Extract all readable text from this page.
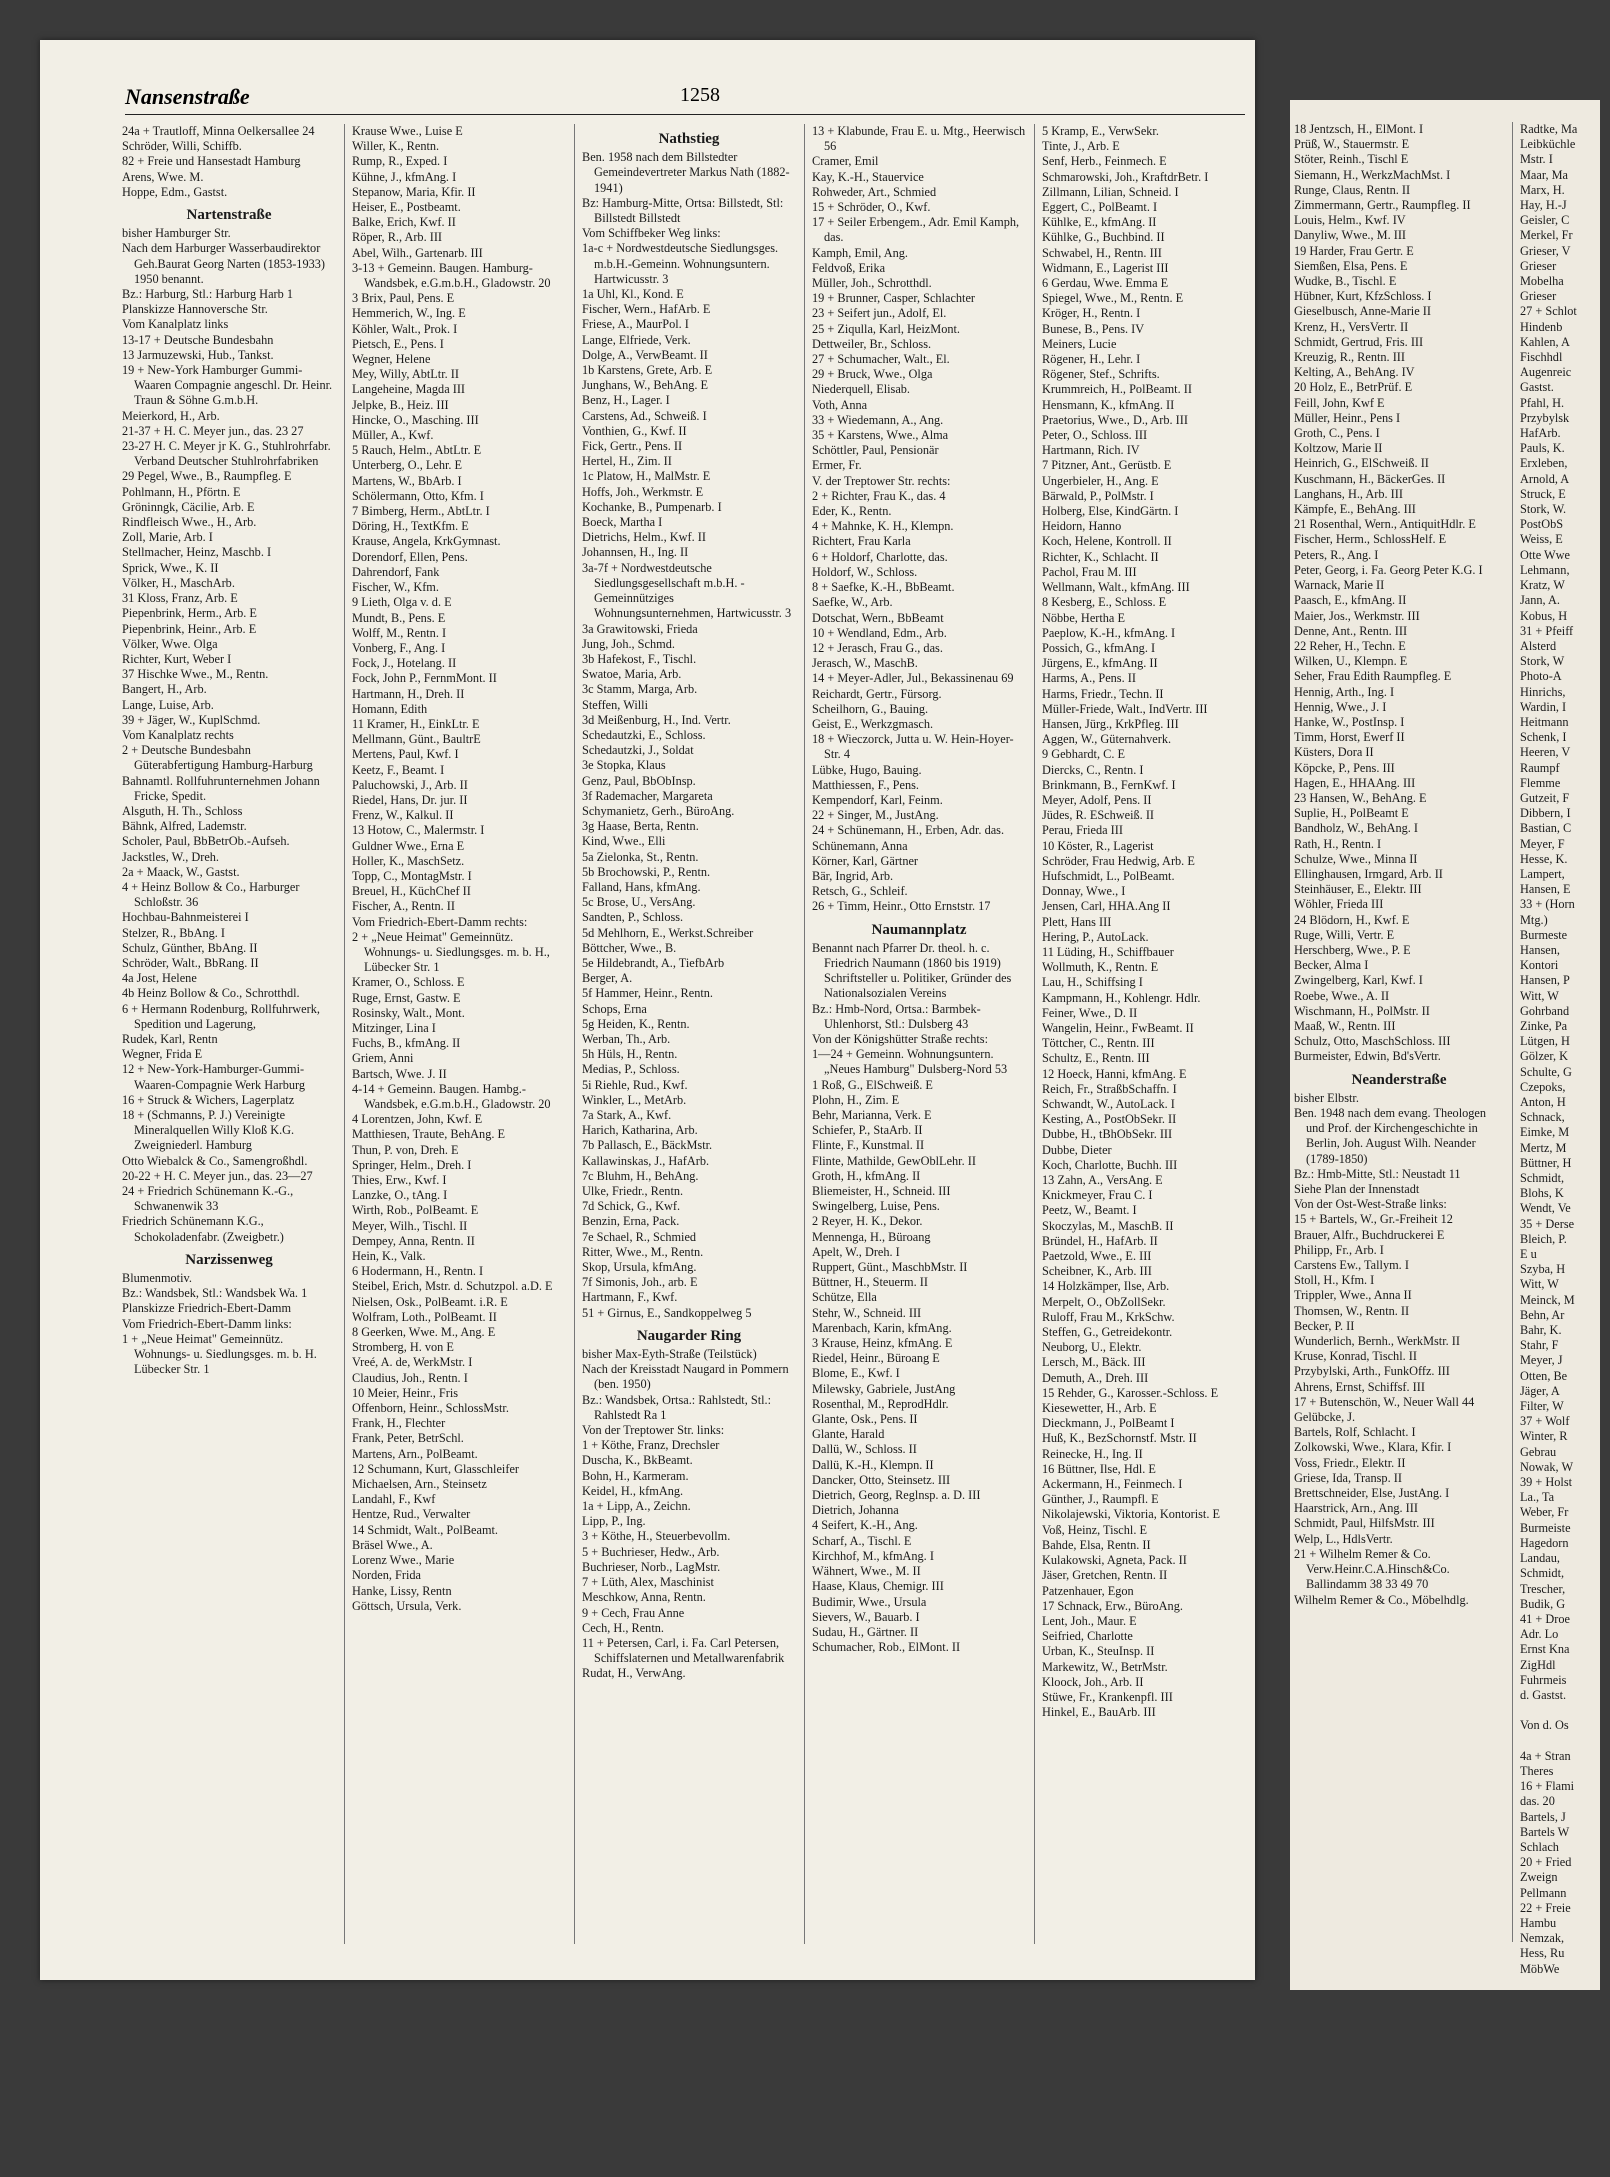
Nansenstraße	1258

24a + Trautloff, Minna Oelkersallee 24

Schröder, Willi, Schiffb.

82 + Freie und Hansestadt Hamburg

Arens, Wwe. M.

Hoppe, Edm., Gastst.

Nartenstraße

bisher Hamburger Str.

Nach dem Harburger Wasserbaudirektor Geh.Baurat Georg Narten (1853-1933) 1950 benannt.

Bz.: Harburg, Stl.: Harburg Harb 1

Planskizze Hannoversche Str.

Vom Kanalplatz links

13-17 + Deutsche Bundesbahn

13 Jarmuzewski, Hub., Tankst.

19 + New-York Hamburger Gummi-Waaren Compagnie angeschl. Dr. Heinr. Traun & Söhne G.m.b.H.

Meierkord, H., Arb.

21-37 + H. C. Meyer jun., das. 23 27

23-27 H. C. Meyer jr K. G., Stuhlrohrfabr. Verband Deutscher Stuhlrohrfabriken

29 Pegel, Wwe., B., Raumpfleg. E

Pohlmann, H., Pförtn. E

Gröninngk, Cäcilie, Arb. E

Rindfleisch Wwe., H., Arb.

Zoll, Marie, Arb. I

Stellmacher, Heinz, Maschb. I

Sprick, Wwe., K. II

Völker, H., MaschArb.

31 Kloss, Franz, Arb. E

Piepenbrink, Herm., Arb. E

Piepenbrink, Heinr., Arb. E

Völker, Wwe. Olga

Richter, Kurt, Weber I

37 Hischke Wwe., M., Rentn.

Bangert, H., Arb.

Lange, Luise, Arb.

39 + Jäger, W., KuplSchmd.

Vom Kanalplatz rechts

2 + Deutsche Bundesbahn Güterabfertigung Hamburg-Harburg

Bahnamtl. Rollfuhrunternehmen Johann Fricke, Spedit.

Alsguth, H. Th., Schloss

Bähnk, Alfred, Lademstr.

Scholer, Paul, BbBetrOb.-Aufseh.

Jackstles, W., Dreh.

2a + Maack, W., Gastst.

4 + Heinz Bollow & Co., Harburger Schloßstr. 36

Hochbau-Bahnmeisterei I

Stelzer, R., BbAng. I

Schulz, Günther, BbAng. II

Schröder, Walt., BbRang. II

4a Jost, Helene

4b Heinz Bollow & Co., Schrotthdl.

6 + Hermann Rodenburg, Rollfuhrwerk, Spedition und Lagerung,

Rudek, Karl, Rentn

Wegner, Frida E

12 + New-York-Hamburger-Gummi-Waaren-Compagnie Werk Harburg

16 + Struck & Wichers, Lagerplatz

18 + (Schmanns, P. J.) Vereinigte Mineralquellen Willy Kloß K.G. Zweigniederl. Hamburg

Otto Wiebalck & Co., Samengroßhdl.

20-22 + H. C. Meyer jun., das. 23—27

24 + Friedrich Schünemann K.-G., Schwanenwik 33

Friedrich Schünemann K.G., Schokoladenfabr. (Zweigbetr.)

Narzissenweg

Blumenmotiv.

Bz.: Wandsbek, Stl.: Wandsbek Wa. 1

Planskizze Friedrich-Ebert-Damm

Vom Friedrich-Ebert-Damm links:

1 + „Neue Heimat" Gemeinnütz. Wohnungs- u. Siedlungsges. m. b. H. Lübecker Str. 1

Krause Wwe., Luise E

Willer, K., Rentn.

Rump, R., Exped. I

Kühne, J., kfmAng. I

Stepanow, Maria, Kfir. II

Heiser, E., Postbeamt.

Balke, Erich, Kwf. II

Röper, R., Arb. III

Abel, Wilh., Gartenarb. III

3-13 + Gemeinn. Baugen. Hamburg-Wandsbek, e.G.m.b.H., Gladowstr. 20

3 Brix, Paul, Pens. E

Hemmerich, W., Ing. E

Köhler, Walt., Prok. I

Pietsch, E., Pens. I

Wegner, Helene

Mey, Willy, AbtLtr. II

Langeheine, Magda III

Jelpke, B., Heiz. III

Hincke, O., Masching. III

Müller, A., Kwf.

5 Rauch, Helm., AbtLtr. E

Unterberg, O., Lehr. E

Martens, W., BbArb. I

Schölermann, Otto, Kfm. I

7 Bimberg, Herm., AbtLtr. I

Döring, H., TextKfm. E

Krause, Angela, KrkGymnast.

Dorendorf, Ellen, Pens.

Dahrendorf, Fank

Fischer, W., Kfm.

9 Lieth, Olga v. d. E

Mundt, B., Pens. E

Wolff, M., Rentn. I

Vonberg, F., Ang. I

Fock, J., Hotelang. II

Fock, John P., FernmMont. II

Hartmann, H., Dreh. II

Homann, Edith

11 Kramer, H., EinkLtr. E

Mellmann, Günt., BaultrE

Mertens, Paul, Kwf. I

Keetz, F., Beamt. I

Paluchowski, J., Arb. II

Riedel, Hans, Dr. jur. II

Frenz, W., Kalkul. II

13 Hotow, C., Malermstr. I

Guldner Wwe., Erna E

Holler, K., MaschSetz.

Topp, C., MontagMstr. I

Breuel, H., KüchChef II

Fischer, A., Rentn. II

Vom Friedrich-Ebert-Damm rechts:

2 + „Neue Heimat" Gemeinnütz. Wohnungs- u. Siedlungsges. m. b. H., Lübecker Str. 1

Kramer, O., Schloss. E

Ruge, Ernst, Gastw. E

Rosinsky, Walt., Mont.

Mitzinger, Lina I

Fuchs, B., kfmAng. II

Griem, Anni

Bartsch, Wwe. J. II

4-14 + Gemeinn. Baugen. Hambg.-Wandsbek, e.G.m.b.H., Gladowstr. 20

4 Lorentzen, John, Kwf. E

Matthiesen, Traute, BehAng. E

Thun, P. von, Dreh. E

Springer, Helm., Dreh. I

Thies, Erw., Kwf. I

Lanzke, O., tAng. I

Wirth, Rob., PolBeamt. E

Meyer, Wilh., Tischl. II

Dempey, Anna, Rentn. II

Hein, K., Valk.

6 Hodermann, H., Rentn. I

Steibel, Erich, Mstr. d. Schutzpol. a.D. E

Nielsen, Osk., PolBeamt. i.R. E

Wolfram, Loth., PolBeamt. II

8 Geerken, Wwe. M., Ang. E

Stromberg, H. von E

Vreé, A. de, WerkMstr. I

Claudius, Joh., Rentn. I

10 Meier, Heinr., Fris

Offenborn, Heinr., SchlossMstr.

Frank, H., Flechter

Frank, Peter, BetrSchl.

Martens, Arn., PolBeamt.

12 Schumann, Kurt, Glasschleifer

Michaelsen, Arn., Steinsetz

Landahl, F., Kwf

Hentze, Rud., Verwalter

14 Schmidt, Walt., PolBeamt.

Bräsel Wwe., A.

Lorenz Wwe., Marie

Norden, Frida

Hanke, Lissy, Rentn

Göttsch, Ursula, Verk.

Nathstieg

Ben. 1958 nach dem Billstedter Gemeindevertreter Markus Nath (1882-1941)

Bz: Hamburg-Mitte, Ortsa: Billstedt, Stl: Billstedt Billstedt

Vom Schiffbeker Weg links:

1a-c + Nordwestdeutsche Siedlungsges. m.b.H.-Gemeinn. Wohnungsuntern. Hartwicusstr. 3

1a Uhl, Kl., Kond. E

Fischer, Wern., HafArb. E

Friese, A., MaurPol. I

Lange, Elfriede, Verk.

Dolge, A., VerwBeamt. II

1b Karstens, Grete, Arb. E

Junghans, W., BehAng. E

Benz, H., Lager. I

Carstens, Ad., Schweiß. I

Vonthien, G., Kwf. II

Fick, Gertr., Pens. II

Hertel, H., Zim. II

1c Platow, H., MalMstr. E

Hoffs, Joh., Werkmstr. E

Kochanke, B., Pumpenarb. I

Boeck, Martha I

Dietrichs, Helm., Kwf. II

Johannsen, H., Ing. II

3a-7f + Nordwestdeutsche Siedlungsgesellschaft m.b.H. - Gemeinnütziges Wohnungsunternehmen, Hartwicusstr. 3

3a Grawitowski, Frieda

Jung, Joh., Schmd.

3b Hafekost, F., Tischl.

Swatoe, Maria, Arb.

3c Stamm, Marga, Arb.

Steffen, Willi

3d Meißenburg, H., Ind. Vertr.

Schedautzki, E., Schloss.

Schedautzki, J., Soldat

3e Stopka, Klaus

Genz, Paul, BbObInsp.

3f Rademacher, Margareta

Schymanietz, Gerh., BüroAng.

3g Haase, Berta, Rentn.

Kind, Wwe., Elli

5a Zielonka, St., Rentn.

5b Brochowski, P., Rentn.

Falland, Hans, kfmAng.

5c Brose, U., VersAng.

Sandten, P., Schloss.

5d Mehlhorn, E., Werkst.Schreiber

Böttcher, Wwe., B.

5e Hildebrandt, A., TiefbArb

Berger, A.

5f Hammer, Heinr., Rentn.

Schops, Erna

5g Heiden, K., Rentn.

Werban, Th., Arb.

5h Hüls, H., Rentn.

Medias, P., Schloss.

5i Riehle, Rud., Kwf.

Winkler, L., MetArb.

7a Stark, A., Kwf.

Harich, Katharina, Arb.

7b Pallasch, E., BäckMstr.

Kallawinskas, J., HafArb.

7c Bluhm, H., BehAng.

Ulke, Friedr., Rentn.

7d Schick, G., Kwf.

Benzin, Erna, Pack.

7e Schael, R., Schmied

Ritter, Wwe., M., Rentn.

Skop, Ursula, kfmAng.

7f Simonis, Joh., arb. E

Hartmann, F., Kwf.

51 + Girnus, E., Sandkoppelweg 5

Naugarder Ring

bisher Max-Eyth-Straße (Teilstück)

Nach der Kreisstadt Naugard in Pommern (ben. 1950)

Bz.: Wandsbek, Ortsa.: Rahlstedt, Stl.: Rahlstedt Ra 1

Von der Treptower Str. links:

1 + Köthe, Franz, Drechsler

Duscha, K., BkBeamt.

Bohn, H., Karmeram.

Keidel, H., kfmAng.

1a + Lipp, A., Zeichn.

Lipp, P., Ing.

3 + Köthe, H., Steuerbevollm.

5 + Buchrieser, Hedw., Arb.

Buchrieser, Norb., LagMstr.

7 + Lüth, Alex, Maschinist

Meschkow, Anna, Rentn.

9 + Cech, Frau Anne

Cech, H., Rentn.

11 + Petersen, Carl, i. Fa. Carl Petersen, Schiffslaternen und Metallwarenfabrik

Rudat, H., VerwAng.

13 + Klabunde, Frau E. u. Mtg., Heerwisch 56

Cramer, Emil

Kay, K.-H., Stauervice

Rohweder, Art., Schmied

15 + Schröder, O., Kwf.

17 + Seiler Erbengem., Adr. Emil Kamph, das.

Kamph, Emil, Ang.

Feldvoß, Erika

Müller, Joh., Schrotthdl.

19 + Brunner, Casper, Schlachter

23 + Seifert jun., Adolf, El.

25 + Ziqulla, Karl, HeizMont.

Dettweiler, Br., Schloss.

27 + Schumacher, Walt., El.

29 + Bruck, Wwe., Olga

Niederquell, Elisab.

Voth, Anna

33 + Wiedemann, A., Ang.

35 + Karstens, Wwe., Alma

Schöttler, Paul, Pensionär

Ermer, Fr.

V. der Treptower Str. rechts:

2 + Richter, Frau K., das. 4

Eder, K., Rentn.

4 + Mahnke, K. H., Klempn.

Richtert, Frau Karla

6 + Holdorf, Charlotte, das.

Holdorf, W., Schloss.

8 + Saefke, K.-H., BbBeamt.

Saefke, W., Arb.

Dotschat, Wern., BbBeamt

10 + Wendland, Edm., Arb.

12 + Jerasch, Frau G., das.

Jerasch, W., MaschB.

14 + Meyer-Adler, Jul., Bekassinenau 69

Reichardt, Gertr., Fürsorg.

Scheilhorn, G., Bauing.

Geist, E., Werkzgmasch.

18 + Wieczorck, Jutta u. W. Hein-Hoyer-Str. 4

Lübke, Hugo, Bauing.

Matthiessen, F., Pens.

Kempendorf, Karl, Feinm.

22 + Singer, M., JustAng.

24 + Schünemann, H., Erben, Adr. das.

Schünemann, Anna

Körner, Karl, Gärtner

Bär, Ingrid, Arb.

Retsch, G., Schleif.

26 + Timm, Heinr., Otto Ernststr. 17

Naumannplatz

Benannt nach Pfarrer Dr. theol. h. c. Friedrich Naumann (1860 bis 1919) Schriftsteller u. Politiker, Gründer des Nationalsozialen Vereins

Bz.: Hmb-Nord, Ortsa.: Barmbek-Uhlenhorst, Stl.: Dulsberg 43

Von der Königshütter Straße rechts:

1—24 + Gemeinn. Wohnungsuntern. „Neues Hamburg" Dulsberg-Nord 53

1 Roß, G., ElSchweiß. E

Plohn, H., Zim. E

Behr, Marianna, Verk. E

Schiefer, P., StaArb. II

Flinte, F., Kunstmal. II

Flinte, Mathilde, GewOblLehr. II

Groth, H., kfmAng. II

Bliemeister, H., Schneid. III

Swingelberg, Luise, Pens.

2 Reyer, H. K., Dekor.

Mennenga, H., Büroang

Apelt, W., Dreh. I

Ruppert, Günt., MaschbMstr. II

Büttner, H., Steuerm. II

Schütze, Ella

Stehr, W., Schneid. III

Marenbach, Karin, kfmAng.

3 Krause, Heinz, kfmAng. E

Riedel, Heinr., Büroang E

Blome, E., Kwf. I

Milewsky, Gabriele, JustAng

Rosenthal, M., ReprodHdlr.

Glante, Osk., Pens. II

Glante, Harald

Dallü, W., Schloss. II

Dallü, K.-H., Klempn. II

Dancker, Otto, Steinsetz. III

Dietrich, Georg, Reglnsp. a. D. III

Dietrich, Johanna

4 Seifert, K.-H., Ang.

Scharf, A., Tischl. E

Kirchhof, M., kfmAng. I

Wähnert, Wwe., M. II

Haase, Klaus, Chemigr. III

Budimir, Wwe., Ursula

Sievers, W., Bauarb. I

Sudau, H., Gärtner. II

Schumacher, Rob., ElMont. II

5 Kramp, E., VerwSekr.

Tinte, J., Arb. E

Senf, Herb., Feinmech. E

Schmarowski, Joh., KraftdrBetr. I

Zillmann, Lilian, Schneid. I

Eggert, C., PolBeamt. I

Kühlke, E., kfmAng. II

Kühlke, G., Buchbind. II

Schwabel, H., Rentn. III

Widmann, E., Lagerist III

6 Gerdau, Wwe. Emma E

Spiegel, Wwe., M., Rentn. E

Kröger, H., Rentn. I

Bunese, B., Pens. IV

Meiners, Lucie

Rögener, H., Lehr. I

Rögener, Stef., Schrifts.

Krummreich, H., PolBeamt. II

Hensmann, K., kfmAng. II

Praetorius, Wwe., D., Arb. III

Peter, O., Schloss. III

Hartmann, Rich. IV

7 Pitzner, Ant., Gerüstb. E

Ungerbieler, H., Ang. E

Bärwald, P., PolMstr. I

Holberg, Else, KindGärtn. I

Heidorn, Hanno

Koch, Helene, Kontroll. II

Richter, K., Schlacht. II

Pachol, Frau M. III

Wellmann, Walt., kfmAng. III

8 Kesberg, E., Schloss. E

Nöbbe, Hertha E

Paeplow, K.-H., kfmAng. I

Possich, G., kfmAng. I

Jürgens, E., kfmAng. II

Harms, A., Pens. II

Harms, Friedr., Techn. II

Müller-Friede, Walt., IndVertr. III

Hansen, Jürg., KrkPfleg. III

Aggen, W., Güternahverk.

9 Gebhardt, C. E

Diercks, C., Rentn. I

Brinkmann, B., FernKwf. I

Meyer, Adolf, Pens. II

Jüdes, R. ESchweiß. II

Perau, Frieda III

10 Köster, R., Lagerist

Schröder, Frau Hedwig, Arb. E

Hufschmidt, L., PolBeamt.

Donnay, Wwe., I

Jensen, Carl, HHA.Ang II

Plett, Hans III

Hering, P., AutoLack.

11 Lüding, H., Schiffbauer

Wollmuth, K., Rentn. E

Lau, H., Schiffsing I

Kampmann, H., Kohlengr. Hdlr.

Feiner, Wwe., D. II

Wangelin, Heinr., FwBeamt. II

Töttcher, C., Rentn. III

Schultz, E., Rentn. III

12 Hoeck, Hanni, kfmAng. E

Reich, Fr., StraßbSchaffn. I

Schwandt, W., AutoLack. I

Kesting, A., PostObSekr. II

Dubbe, H., tBhObSekr. III

Dubbe, Dieter

Koch, Charlotte, Buchh. III

13 Zahn, A., VersAng. E

Knickmeyer, Frau C. I

Peetz, W., Beamt. I

Skoczylas, M., MaschB. II

Bründel, H., HafArb. II

Paetzold, Wwe., E. III

Scheibner, K., Arb. III

14 Holzkämper, Ilse, Arb.

Merpelt, O., ObZollSekr.

Ruloff, Frau M., KrkSchw.

Steffen, G., Getreidekontr.

Neuborg, U., Elektr.

Lersch, M., Bäck. III

Demuth, A., Dreh. III

15 Rehder, G., Karosser.-Schloss. E

Kiesewetter, H., Arb. E

Dieckmann, J., PolBeamt I

Huß, K., BezSchornstf. Mstr. II

Reinecke, H., Ing. II

16 Büttner, Ilse, Hdl. E

Ackermann, H., Feinmech. I

Günther, J., Raumpfl. E

Nikolajewski, Viktoria, Kontorist. E

Voß, Heinz, Tischl. E

Bahde, Elsa, Rentn. II

Kulakowski, Agneta, Pack. II

Jäser, Gretchen, Rentn. II

Patzenhauer, Egon

17 Schnack, Erw., BüroAng.

Lent, Joh., Maur. E

Seifried, Charlotte

Urban, K., SteuInsp. II

Markewitz, W., BetrMstr.

Kloock, Joh., Arb. II

Stüwe, Fr., Krankenpfl. III

Hinkel, E., BauArb. III

18 Jentzsch, H., ElMont. I

Prüß, W., Stauermstr. E

Stöter, Reinh., Tischl E

Siemann, H., WerkzMachMst. I

Runge, Claus, Rentn. II

Zimmermann, Gertr., Raumpfleg. II

Louis, Helm., Kwf. IV

Danyliw, Wwe., M. III

19 Harder, Frau Gertr. E

Siemßen, Elsa, Pens. E

Wudke, B., Tischl. E

Hübner, Kurt, KfzSchloss. I

Gieselbusch, Anne-Marie II

Krenz, H., VersVertr. II

Schmidt, Gertrud, Fris. III

Kreuzig, R., Rentn. III

Kelting, A., BehAng. IV

20 Holz, E., BetrPrüf. E

Feill, John, Kwf E

Müller, Heinr., Pens I

Groth, C., Pens. I

Koltzow, Marie II

Heinrich, G., ElSchweiß. II

Kuschmann, H., BäckerGes. II

Langhans, H., Arb. III

Kämpfe, E., BehAng. III

21 Rosenthal, Wern., AntiquitHdlr. E

Fischer, Herm., SchlossHelf. E

Peters, R., Ang. I

Peter, Georg, i. Fa. Georg Peter K.G. I

Warnack, Marie II

Paasch, E., kfmAng. II

Maier, Jos., Werkmstr. III

Denne, Ant., Rentn. III

22 Reher, H., Techn. E

Wilken, U., Klempn. E

Seher, Frau Edith Raumpfleg. E

Hennig, Arth., Ing. I

Hennig, Wwe., J. I

Hanke, W., PostInsp. I

Timm, Horst, Ewerf II

Küsters, Dora II

Köpcke, P., Pens. III

Hagen, E., HHAAng. III

23 Hansen, W., BehAng. E

Suplie, H., PolBeamt E

Bandholz, W., BehAng. I

Rath, H., Rentn. I

Schulze, Wwe., Minna II

Ellinghausen, Irmgard, Arb. II

Steinhäuser, E., Elektr. III

Wöhler, Frieda III

24 Blödorn, H., Kwf. E

Ruge, Willi, Vertr. E

Herschberg, Wwe., P. E

Becker, Alma I

Zwingelberg, Karl, Kwf. I

Roebe, Wwe., A. II

Wischmann, H., PolMstr. II

Maaß, W., Rentn. III

Schulz, Otto, MaschSchloss. III

Burmeister, Edwin, Bd'sVertr.

Neanderstraße

bisher Elbstr.

Ben. 1948 nach dem evang. Theologen und Prof. der Kirchengeschichte in Berlin, Joh. August Wilh. Neander (1789-1850)

Bz.: Hmb-Mitte, Stl.: Neustadt 11

Siehe Plan der Innenstadt

Von der Ost-West-Straße links:

15 + Bartels, W., Gr.-Freiheit 12

Brauer, Alfr., Buchdruckerei E

Philipp, Fr., Arb. I

Carstens Ew., Tallym. I

Stoll, H., Kfm. I

Trippler, Wwe., Anna II

Thomsen, W., Rentn. II

Becker, P. II

Wunderlich, Bernh., WerkMstr. II

Kruse, Konrad, Tischl. II

Przybylski, Arth., FunkOffz. III

Ahrens, Ernst, Schiffsf. III

17 + Butenschön, W., Neuer Wall 44

Gelübcke, J.

Bartels, Rolf, Schlacht. I

Zolkowski, Wwe., Klara, Kfir. I

Voss, Friedr., Elektr. II

Griese, Ida, Transp. II

Brettschneider, Else, JustAng. I

Haarstrick, Arn., Ang. III

Schmidt, Paul, HilfsMstr. III

Welp, L., HdlsVertr.

21 + Wilhelm Remer & Co. Verw.Heinr.C.A.Hinsch&Co. Ballindamm 38 33 49 70

Wilhelm Remer & Co., Möbelhdlg.

Radtke, Ma

Leibküchle

Mstr. I

Maar, Ma

Marx, H.

Hay, H.-J

Geisler, C

Merkel, Fr

Grieser, V

Grieser

Mobelha

Grieser

27 + Schlot

Hindenb

Kahlen, A

Fischhdl

Augenreic

Gastst.

Pfahl, H.

Przybylsk

HafArb.

Pauls, K.

Erxleben,

Arnold, A

Struck, E

Stork, W.

PostObS

Weiss, E

Otte Wwe

Lehmann,

Kratz, W

Jann, A.

Kobus, H

31 + Pfeiff

Alsterd

Stork, W

Photo-A

Hinrichs,

Wardin, I

Heitmann

Schenk, I

Heeren, V

Raumpf

Flemme

Gutzeit, F

Dibbern, I

Bastian, C

Meyer, F

Hesse, K.

Lampert,

Hansen, E

33 + (Horn

Mtg.)

Burmeste

Hansen,

Kontori

Hansen, P

Witt, W

Gohrband

Zinke, Pa

Lütgen, H

Gölzer, K

Schulte, G

Czepoks,

Anton, H

Schnack,

Eimke, M

Mertz, M

Büttner, H

Schmidt,

Blohs, K

Wendt, Ve

35 + Derse

Bleich, P.

E u

Szyba, H

Witt, W

Meinck, M

Behn, Ar

Bahr, K.

Stahr, F

Meyer, J

Otten, Be

Jäger, A

Filter, W

37 + Wolf

Winter, R

Gebrau

Nowak, W

39 + Holst

La., Ta

Weber, Fr

Burmeiste

Hagedorn

Landau,

Schmidt,

Trescher,

Budik, G

41 + Droe

Adr. Lo

Ernst Kna

ZigHdl

Fuhrmeis

d. Gastst.

Von d. Os

4a + Stran

Theres

16 + Flami

das. 20

Bartels, J

Bartels W

Schlach

20 + Fried

Zweign

Pellmann

22 + Freie

Hambu

Nemzak,

Hess, Ru

MöbWe
